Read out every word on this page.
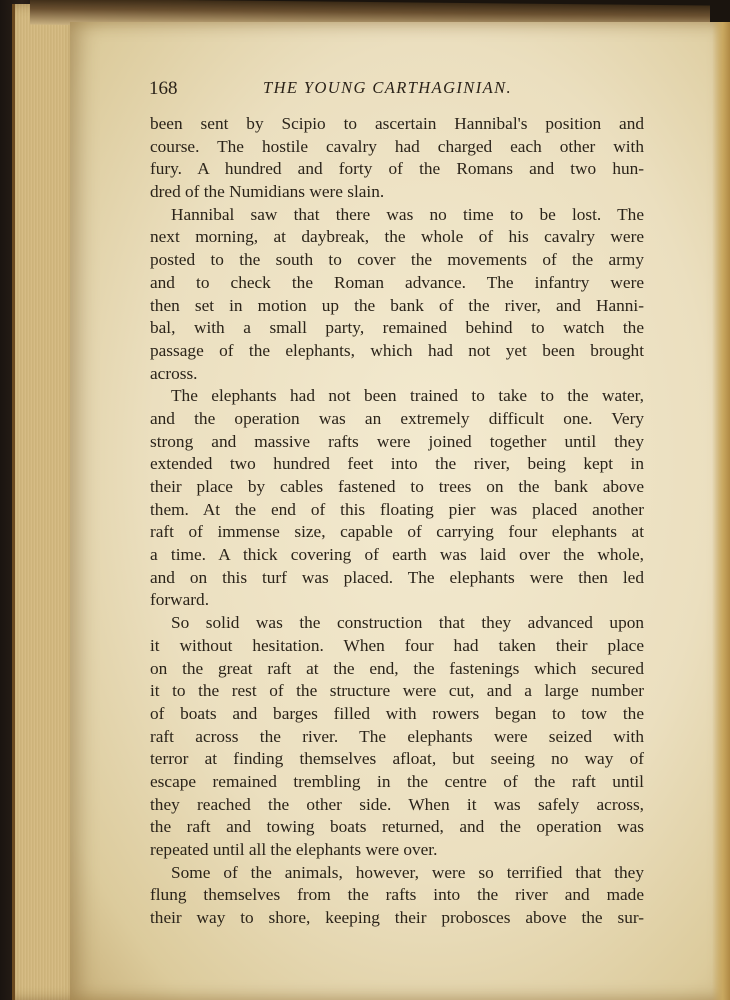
168	THE YOUNG CARTHAGINIAN.
been sent by Scipio to ascertain Hannibal's position and
course. The hostile cavalry had charged each other with
fury. A hundred and forty of the Romans and two hun-
dred of the Numidians were slain.
Hannibal saw that there was no time to be lost. The
next morning, at daybreak, the whole of his cavalry were
posted to the south to cover the movements of the army
and to check the Roman advance. The infantry were
then set in motion up the bank of the river, and Hanni-
bal, with a small party, remained behind to watch the
passage of the elephants, which had not yet been brought
across.
The elephants had not been trained to take to the water,
and the operation was an extremely difficult one. Very
strong and massive rafts were joined together until they
extended two hundred feet into the river, being kept in
their place by cables fastened to trees on the bank above
them. At the end of this floating pier was placed another
raft of immense size, capable of carrying four elephants at
a time. A thick covering of earth was laid over the whole,
and on this turf was placed. The elephants were then led
forward.
So solid was the construction that they advanced upon
it without hesitation. When four had taken their place
on the great raft at the end, the fastenings which secured
it to the rest of the structure were cut, and a large number
of boats and barges filled with rowers began to tow the
raft across the river. The elephants were seized with
terror at finding themselves afloat, but seeing no way of
escape remained trembling in the centre of the raft until
they reached the other side. When it was safely across,
the raft and towing boats returned, and the operation was
repeated until all the elephants were over.
Some of the animals, however, were so terrified that they
flung themselves from the rafts into the river and made
their way to shore, keeping their probosces above the sur-
